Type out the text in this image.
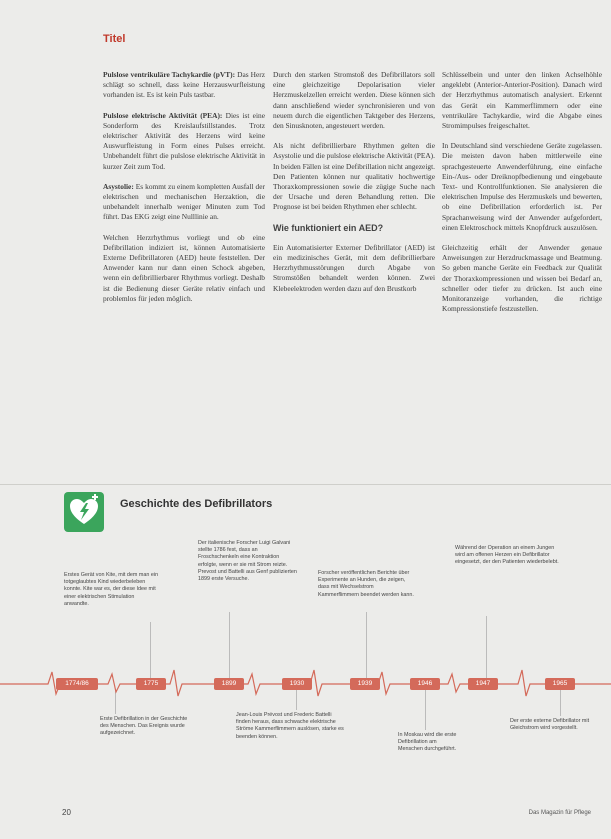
Titel

Pulslose ventrikuläre Tachykardie (pVT): Das Herz schlägt so schnell, dass keine Herzauswurfleistung vorhanden ist. Es ist kein Puls tastbar.

Pulslose elektrische Aktivität (PEA): Dies ist eine Sonderform des Kreislaufstillstandes. Trotz elektrischer Aktivität des Herzens wird keine Auswurfleistung in Form eines Pulses erreicht. Unbehandelt führt die pulslose elektrische Aktivität in kurzer Zeit zum Tod.

Asystolie: Es kommt zu einem kompletten Ausfall der elektrischen und mechanischen Herzaktion, die unbehandelt innerhalb weniger Minuten zum Tod führt. Das EKG zeigt eine Nulllinie an.

Welchen Herzrhythmus vorliegt und ob eine Defibrillation indiziert ist, können Automatisierte Externe Defibrillatoren (AED) heute feststellen. Der Anwender kann nur dann einen Schock abgeben, wenn ein defibrillierbarer Rhythmus vorliegt. Deshalb ist die Bedienung dieser Geräte relativ einfach und problemlos für jeden möglich.

Durch den starken Stromstoß des Defibrillators soll eine gleichzeitige Depolarisation vieler Herzmuskelzellen erreicht werden. Diese können sich dann anschließend wieder synchronisieren und von neuem durch die eigentlichen Taktgeber des Herzens, den Sinusknoten, angesteuert werden.

Als nicht defibrillierbare Rhythmen gelten die Asystolie und die pulslose elektrische Aktivität (PEA). In beiden Fällen ist eine Defibrillation nicht angezeigt. Den Patienten können nur qualitativ hochwertige Thoraxkompressionen sowie die zügige Suche nach der Ursache und deren Behandlung retten. Die Prognose ist bei beiden Rhythmen eher schlecht.

Wie funktioniert ein AED?

Ein Automatisierter Externer Defibrillator (AED) ist ein medizinisches Gerät, mit dem defibrillierbare Herzrhythmusstörungen durch Abgabe von Stromstößen behandelt werden können. Zwei Klebeelektroden werden dazu auf den Brustkorb

Schlüsselbein und unter den linken Achselhöhle angeklebt (Anterior-Anterior-Position). Danach wird der Herzrhythmus automatisch analysiert. Erkennt das Gerät ein Kammerflimmern oder eine ventrikuläre Tachykardie, wird die Abgabe eines Stromimpulses freigeschaltet.

In Deutschland sind verschiedene Geräte zugelassen. Die meisten davon haben mittlerweile eine sprachgesteuerte Anwenderführung, eine einfache Ein-/Aus- oder Dreiknopfbedienung und eingebaute Text- und Kontrollfunktionen. Sie analysieren die elektrischen Impulse des Herzmuskels und bewerten, ob eine Defibrillation erforderlich ist. Per Sprachanweisung wird der Anwender aufgefordert, einen Elektroschock mittels Knopfdruck auszulösen.

Gleichzeitig erhält der Anwender genaue Anweisungen zur Herzdruckmassage und Beatmung. So geben manche Geräte ein Feedback zur Qualität der Thoraxkompressionen und wissen bei Bedarf an, schneller oder tiefer zu drücken. Ist auch eine Monitoranzeige vorhanden, die richtige Kompressionstiefe festzustellen.

Geschichte des Defibrillators
Erstes Gerät von Kite, mit dem man ein totgeglaubtes Kind wiederbeleben konnte. Kite war es, der diese Idee mit einer elektrischen Stimulation anwandte.
Der italienische Forscher Luigi Galvani stellte 1786 fest, dass an Froschschenkeln eine Kontraktion erfolgte, wenn er sie mit Strom reizte. Prevost und Battelli aus Genf publizierten 1899 erste Versuche.
Forscher veröffentlichen Berichte über Experimente an Hunden, die zeigen, dass mit Wechselstrom Kammerflimmern beendet werden kann.
Während der Operation an einem Jungen wird am offenen Herzen ein Defibrillator eingesetzt, der den Patienten wiederbelebt.
1774/86	1775	1899	1930	1939	1946	1947	1965
Erste Defibrillation in der Geschichte des Menschen. Das Ereignis wurde aufgezeichnet.
Jean-Louis Prévost und Frederic Battelli finden heraus, dass schwache elektrische Ströme Kammerflimmern auslösen, starke es beenden können.	In Moskau wird die erste Defibrillation am Menschen durchgeführt.
Der erste externe Defibrillator mit Gleichstrom wird vorgestellt.
20	Das Magazin für Pflege
